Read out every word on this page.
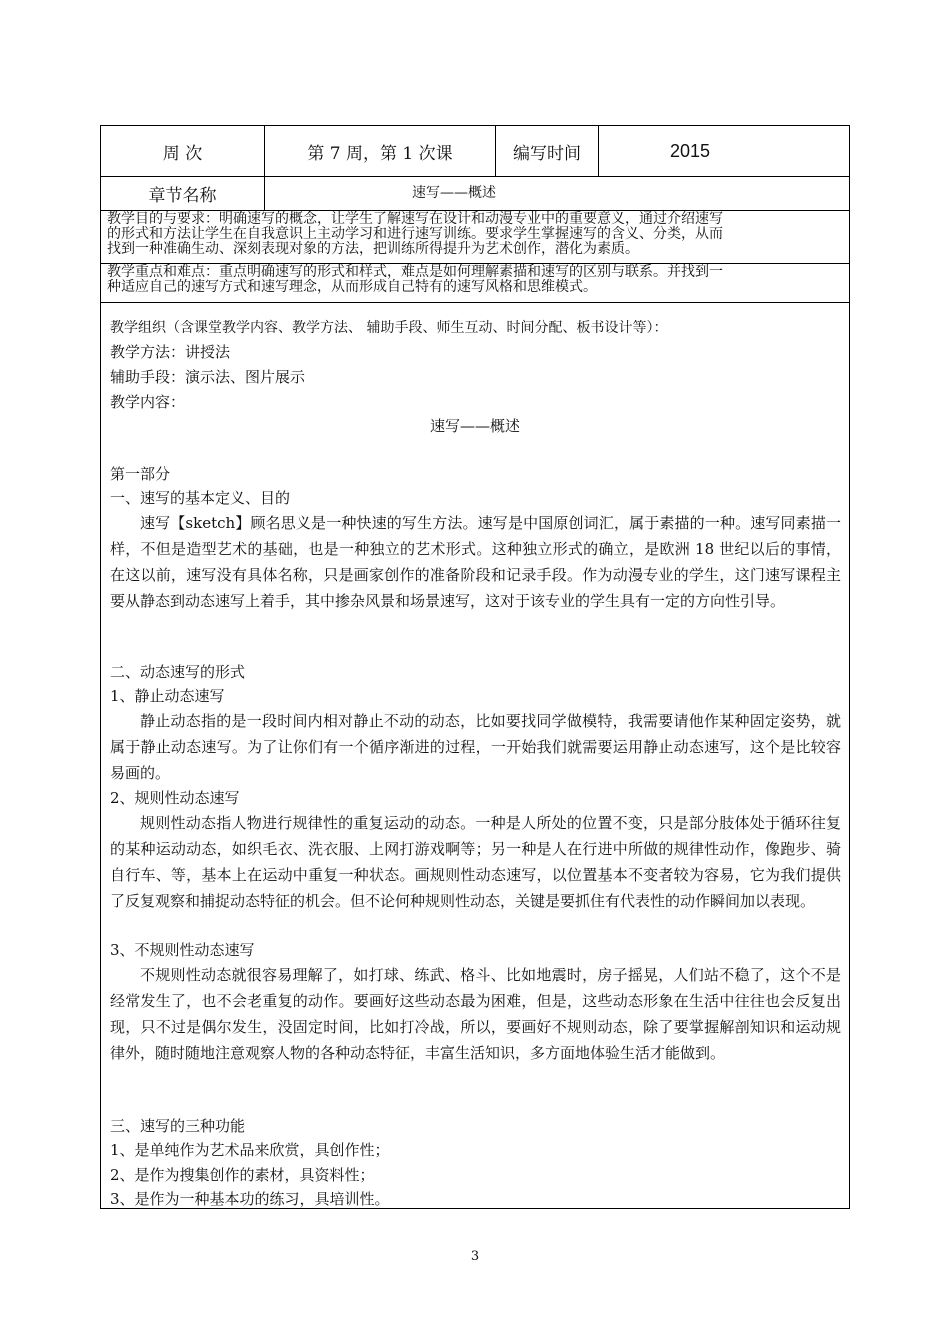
周 次	第 7 周，第 1 次课	编写时间	2015
章节名称	速写——概述
教学目的与要求：明确速写的概念，让学生了解速写在设计和动漫专业中的重要意义，通过介绍速写
的形式和方法让学生在自我意识上主动学习和进行速写训练。要求学生掌握速写的含义、分类，从而
找到一种准确生动、深刻表现对象的方法，把训练所得提升为艺术创作，潜化为素质。
教学重点和难点：重点明确速写的形式和样式，难点是如何理解素描和速写的区别与联系。并找到一
种适应自己的速写方式和速写理念，从而形成自己特有的速写风格和思维模式。
教学组织（含课堂教学内容、教学方法、 辅助手段、师生互动、时间分配、板书设计等）：
教学方法：讲授法
辅助手段：演示法、图片展示
教学内容：
速写——概述
第一部分
一、速写的基本定义、目的
速写【sketch】顾名思义是一种快速的写生方法。速写是中国原创词汇，属于素描的一种。速写同素描一样，不但是造型艺术的基础，也是一种独立的艺术形式。这种独立形式的确立，是欧洲 18 世纪以后的事情，在这以前，速写没有具体名称，只是画家创作的准备阶段和记录手段。作为动漫专业的学生，这门速写课程主要从静态到动态速写上着手，其中掺杂风景和场景速写，这对于该专业的学生具有一定的方向性引导。
二、动态速写的形式
1、静止动态速写
静止动态指的是一段时间内相对静止不动的动态，比如要找同学做模特，我需要请他作某种固定姿势，就属于静止动态速写。为了让你们有一个循序渐进的过程，一开始我们就需要运用静止动态速写，这个是比较容易画的。
2、规则性动态速写
规则性动态指人物进行规律性的重复运动的动态。一种是人所处的位置不变，只是部分肢体处于循环往复的某种运动动态，如织毛衣、洗衣服、上网打游戏啊等；另一种是人在行进中所做的规律性动作，像跑步、骑自行车、等，基本上在运动中重复一种状态。画规则性动态速写，以位置基本不变者较为容易，它为我们提供了反复观察和捕捉动态特征的机会。但不论何种规则性动态，关键是要抓住有代表性的动作瞬间加以表现。
3、不规则性动态速写
不规则性动态就很容易理解了，如打球、练武、格斗、比如地震时，房子摇晃，人们站不稳了，这个不是经常发生了，也不会老重复的动作。要画好这些动态最为困难，但是，这些动态形象在生活中往往也会反复出现，只不过是偶尔发生，没固定时间，比如打冷战，所以，要画好不规则动态，除了要掌握解剖知识和运动规律外，随时随地注意观察人物的各种动态特征，丰富生活知识，多方面地体验生活才能做到。
三、速写的三种功能
1、是单纯作为艺术品来欣赏，具创作性；
2、是作为搜集创作的素材，具资料性；
3、是作为一种基本功的练习，具培训性。
3
